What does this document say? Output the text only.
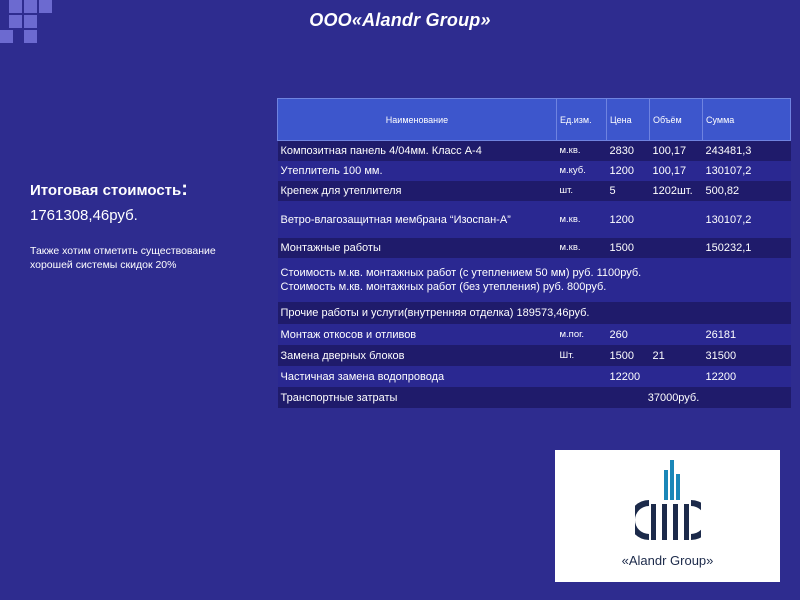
ООО«Alandr Group»
Итоговая стоимость:
1761308,46руб.
Также хотим отметить существование
хорошей системы скидок 20%
Наименование	Ед.изм.	Цена	Объём	Сумма
Композитная панель 4/04мм. Класс А-4	м.кв.	2830	100,17	243481,3
Утеплитель 100 мм.	м.куб.	1200	100,17	130107,2
Крепеж для утеплителя	шт.	5	1202шт.	500,82
Ветро-влагозащитная мембрана “Изоспан-А”	м.кв.	1200		130107,2
Монтажные работы	м.кв.	1500		150232,1

Стоимость м.кв. монтажных работ (с утеплением 50 мм) руб. 1100руб.
Стоимость м.кв. монтажных работ (без утепления) руб. 800руб.				

Прочие работы и услуги(внутренняя отделка) 189573,46руб.				
Монтаж откосов и отливов	м.пог.	260		26181
Замена дверных блоков	Шт.	1500	21	31500
Частичная замена водопровода		12200		12200
Транспортные затраты	37000руб.			
«Alandr Group»
